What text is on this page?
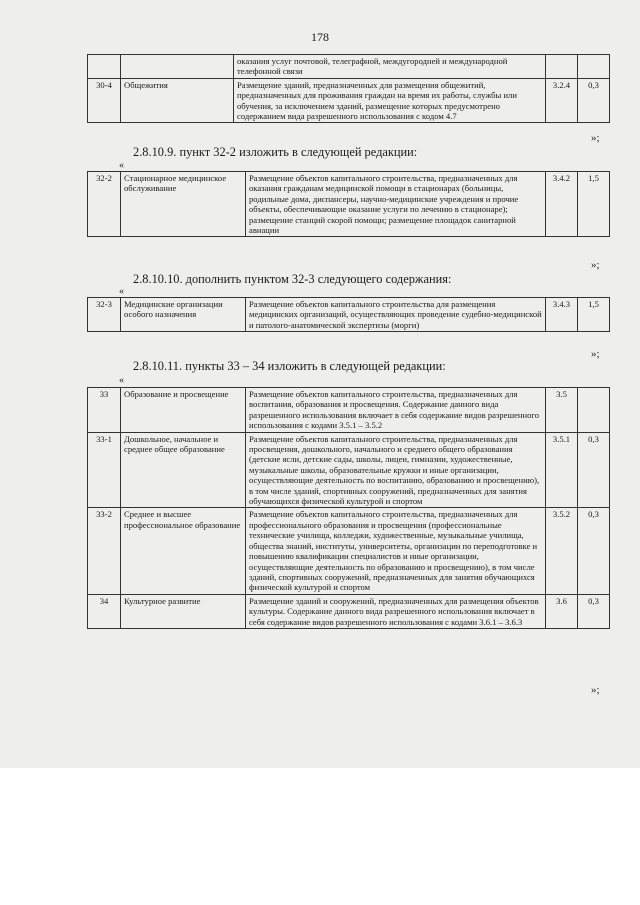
178
		оказания услуг почтовой, телеграфной, междугородней и международной телефонной связи		
30-4	Общежития	Размещение зданий, предназначенных для размещения общежитий, предназначенных для проживания граждан на время их работы, службы или обучения, за исключением зданий, размещение которых предусмотрено содержанием вида разрешенного использования с кодом 4.7	3.2.4	0,3
»;
2.8.10.9. пункт 32-2 изложить в следующей редакции:
«
32-2	Стационарное медицинское обслуживание	Размещение объектов капитального строительства, предназначенных для оказания гражданам медицинской помощи в стационарах (больницы, родильные дома, диспансеры, научно-медицинские учреждения и прочие объекты, обеспечивающие оказание услуги по лечению в стационаре); размещение станций скорой помощи; размещение площадок санитарной авиации	3.4.2	1,5
»;
2.8.10.10. дополнить пунктом 32-3 следующего содержания:
«
32-3	Медицинские организации особого назначения	Размещение объектов капитального строительства для размещения медицинских организаций, осуществляющих проведение судебно-медицинской и патолого-анатомической экспертизы (морги)	3.4.3	1,5
»;
2.8.10.11. пункты 33 – 34 изложить в следующей редакции:
«
33	Образование и просвещение	Размещение объектов капитального строительства, предназначенных для воспитания, образования и просвещения. Содержание данного вида разрешенного использования включает в себя содержание видов разрешенного использования с кодами 3.5.1 – 3.5.2	3.5	
33-1	Дошкольное, начальное и среднее общее образование	Размещение объектов капитального строительства, предназначенных для просвещения, дошкольного, начального и среднего общего образования (детские ясли, детские сады, школы, лицеи, гимназии, художественные, музыкальные школы, образовательные кружки и иные организации, осуществляющие деятельность по воспитанию, образованию и просвещению), в том числе зданий, спортивных сооружений, предназначенных для занятия обучающихся физической культурой и спортом	3.5.1	0,3
33-2	Среднее и высшее профессиональное образование	Размещение объектов капитального строительства, предназначенных для профессионального образования и просвещения (профессиональные технические училища, колледжи, художественные, музыкальные училища, общества знаний, институты, университеты, организации по переподготовке и повышению квалификации специалистов и иные организации, осуществляющие деятельность по образованию и просвещению), в том числе зданий, спортивных сооружений, предназначенных для занятия обучающихся физической культурой и спортом	3.5.2	0,3
34	Культурное развитие	Размещение зданий и сооружений, предназначенных для размещения объектов культуры. Содержание данного вида разрешенного использования включает в себя содержание видов разрешенного использования с кодами 3.6.1 – 3.6.3	3.6	0,3
»;
